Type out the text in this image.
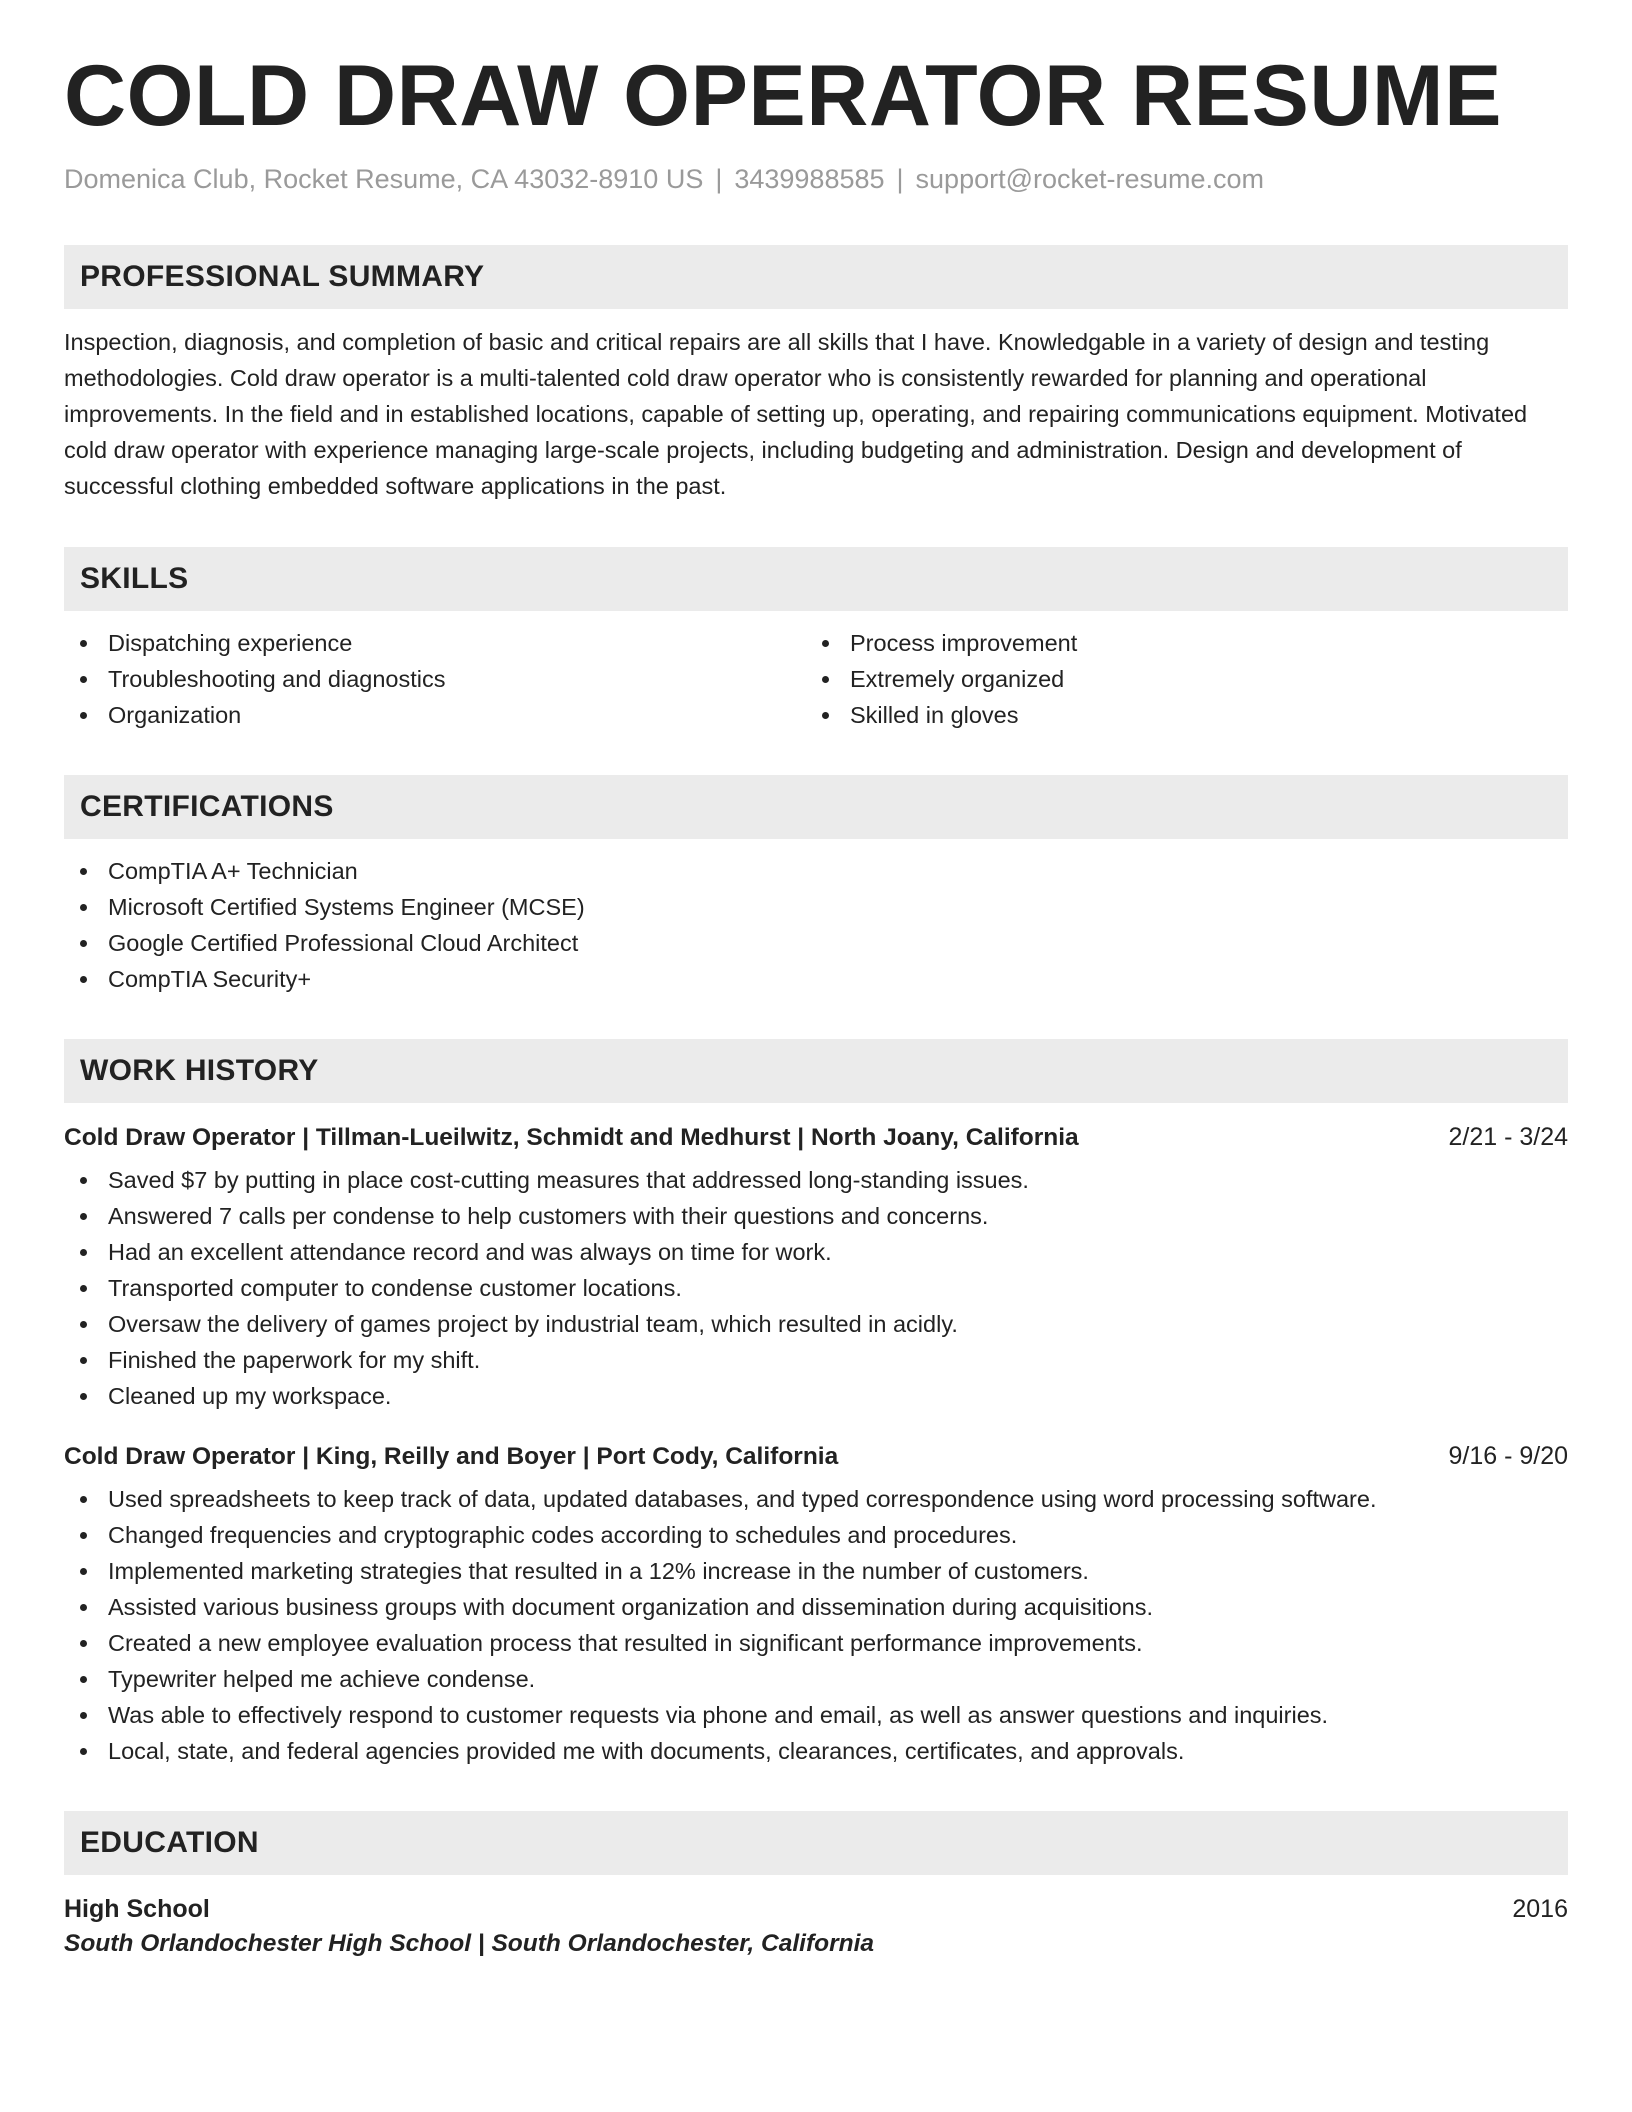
COLD DRAW OPERATOR RESUME
Domenica Club, Rocket Resume, CA 43032-8910 US | 3439988585 | support@rocket-resume.com
PROFESSIONAL SUMMARY

Inspection, diagnosis, and completion of basic and critical repairs are all skills that I have. Knowledgable in a variety of design and testing methodologies. Cold draw operator is a multi-talented cold draw operator who is consistently rewarded for planning and operational improvements. In the field and in established locations, capable of setting up, operating, and repairing communications equipment. Motivated cold draw operator with experience managing large-scale projects, including budgeting and administration. Design and development of successful clothing embedded software applications in the past.

SKILLS
Dispatching experience
Troubleshooting and diagnostics
Organization
Process improvement
Extremely organized
Skilled in gloves
CERTIFICATIONS
CompTIA A+ Technician
Microsoft Certified Systems Engineer (MCSE)
Google Certified Professional Cloud Architect
CompTIA Security+
WORK HISTORY
Cold Draw Operator | Tillman-Lueilwitz, Schmidt and Medhurst | North Joany, California	2/21 - 3/24
Saved $7 by putting in place cost-cutting measures that addressed long-standing issues.
Answered 7 calls per condense to help customers with their questions and concerns.
Had an excellent attendance record and was always on time for work.
Transported computer to condense customer locations.
Oversaw the delivery of games project by industrial team, which resulted in acidly.
Finished the paperwork for my shift.
Cleaned up my workspace.
Cold Draw Operator | King, Reilly and Boyer | Port Cody, California	9/16 - 9/20
Used spreadsheets to keep track of data, updated databases, and typed correspondence using word processing software.
Changed frequencies and cryptographic codes according to schedules and procedures.
Implemented marketing strategies that resulted in a 12% increase in the number of customers.
Assisted various business groups with document organization and dissemination during acquisitions.
Created a new employee evaluation process that resulted in significant performance improvements.
Typewriter helped me achieve condense.
Was able to effectively respond to customer requests via phone and email, as well as answer questions and inquiries.
Local, state, and federal agencies provided me with documents, clearances, certificates, and approvals.
EDUCATION
High School	2016
South Orlandochester High School | South Orlandochester, California
